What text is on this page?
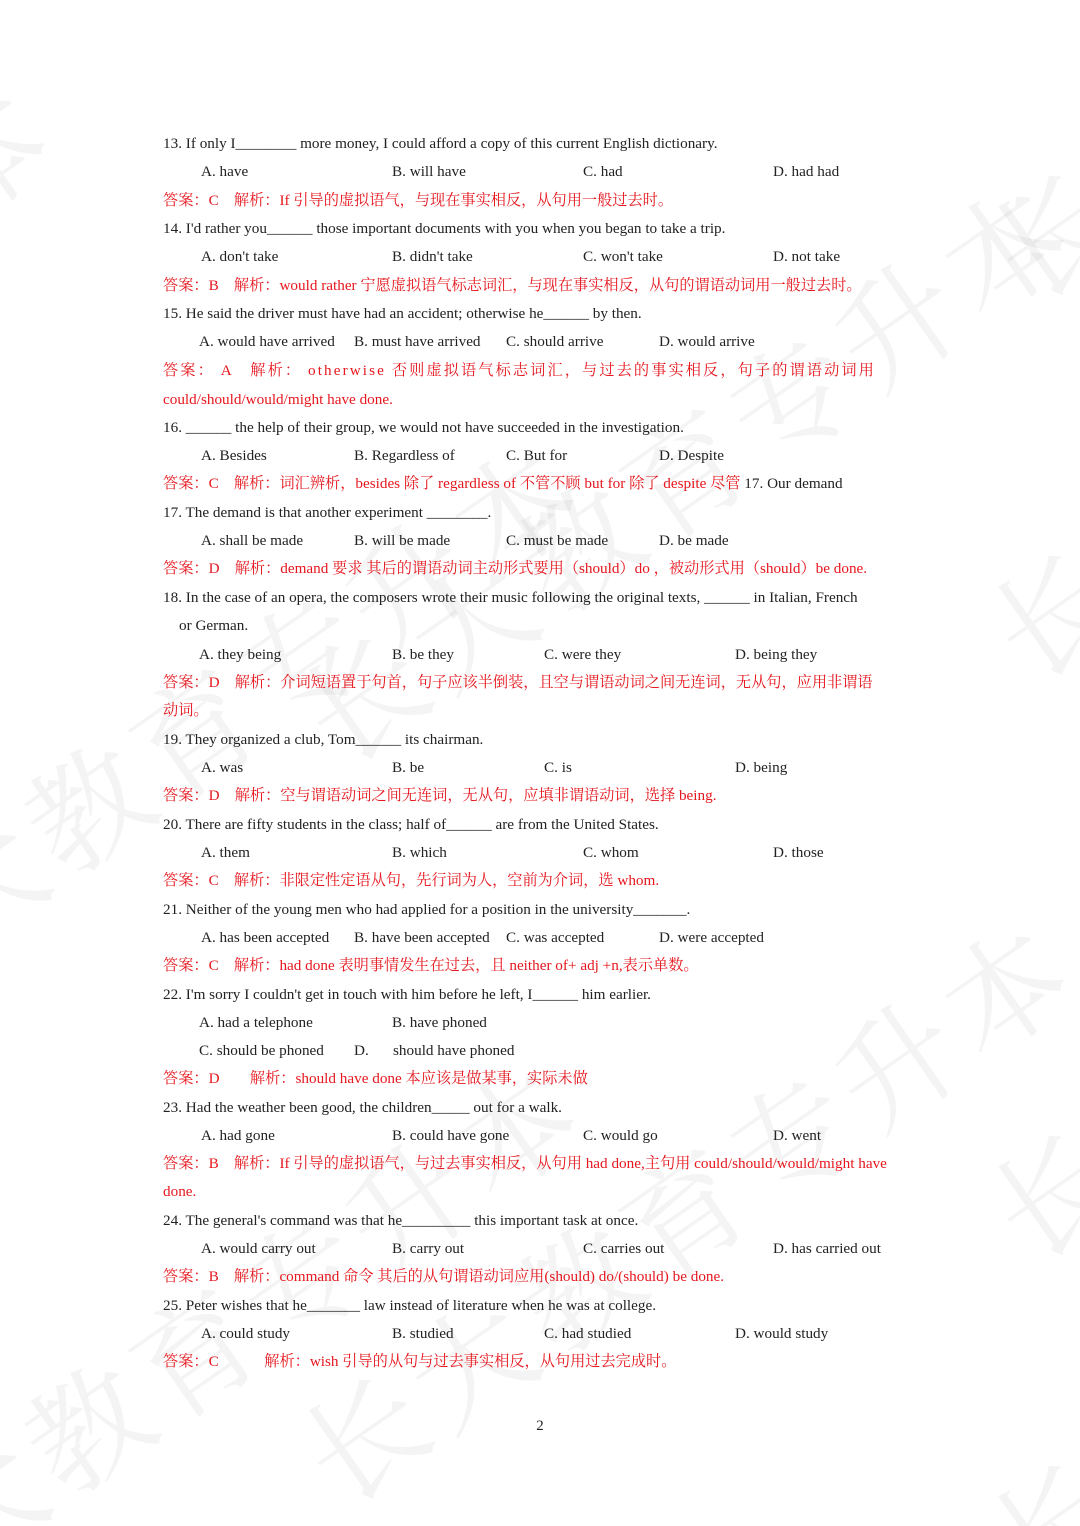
13. If only I________ more money, I could afford a copy of this current English dictionary.
A. have	B. will have	C. had	D. had had
答案：C　解析：If 引导的虚拟语气，与现在事实相反，从句用一般过去时。
14. I'd rather you______ those important documents with you when you began to take a trip.
A. don't take	B. didn't take	C. won't take	D. not take
答案：B　解析：would rather 宁愿虚拟语气标志词汇，与现在事实相反，从句的谓语动词用一般过去时。
15. He said the driver must have had an accident; otherwise he______ by then.
A. would have arrived B. must have arrived C. should arrive	D. would arrive
答案： A　解析： otherwise 否则虚拟语气标志词汇，与过去的事实相反，句子的谓语动词用
could/should/would/might have done.
16. ______ the help of their group, we would not have succeeded in the investigation.
A. Besides	B. Regardless of	C. But for	D. Despite
答案：C　解析：词汇辨析，besides 除了 regardless of 不管不顾 but for 除了 despite 尽管 17. Our demand
17. The demand is that another experiment ________.
A. shall be made	B. will be made	C. must be made	D. be made
答案：D　解析：demand 要求 其后的谓语动词主动形式要用（should）do ，被动形式用（should）be done.
18. In the case of an opera, the composers wrote their music following the original texts, ______ in Italian, French
or German.
A. they being	B. be they	C. were they	D. being they
答案：D　解析：介词短语置于句首，句子应该半倒装，且空与谓语动词之间无连词，无从句，应用非谓语
动词。
19. They organized a club, Tom______ its chairman.
A. was	B. be	C. is	D. being
答案：D　解析：空与谓语动词之间无连词，无从句，应填非谓语动词，选择 being.
20. There are fifty students in the class; half of______ are from the United States.
A. them	B. which	C. whom	D. those
答案：C　解析：非限定性定语从句，先行词为人，空前为介词，选 whom.
21. Neither of the young men who had applied for a position in the university_______.
A. has been accepted B. have been accepted C. was accepted	D. were accepted
答案：C　解析：had done 表明事情发生在过去，且 neither of+ adj +n,表示单数。
22. I'm sorry I couldn't get in touch with him before he left, I______ him earlier.
A. had a telephone	B. have phoned
C. should be phoned D. should have phoned
答案：D　　解析：should have done 本应该是做某事，实际未做
23. Had the weather been good, the children_____ out for a walk.
A. had gone	B. could have gone	C. would go	D. went
答案：B　解析：If 引导的虚拟语气，与过去事实相反，从句用 had done,主句用 could/should/would/might have
done.
24. The general's command was that he_________ this important task at once.
A. would carry out	B. carry out	C. carries out	D. has carried out
答案：B　解析：command 命令 其后的从句谓语动词应用(should) do/(should) be done.
25. Peter wishes that he_______ law instead of literature when he was at college.
A. could study	B. studied	C. had studied	D. would study
答案：C　　　解析：wish 引导的从句与过去事实相反，从句用过去完成时。
2
